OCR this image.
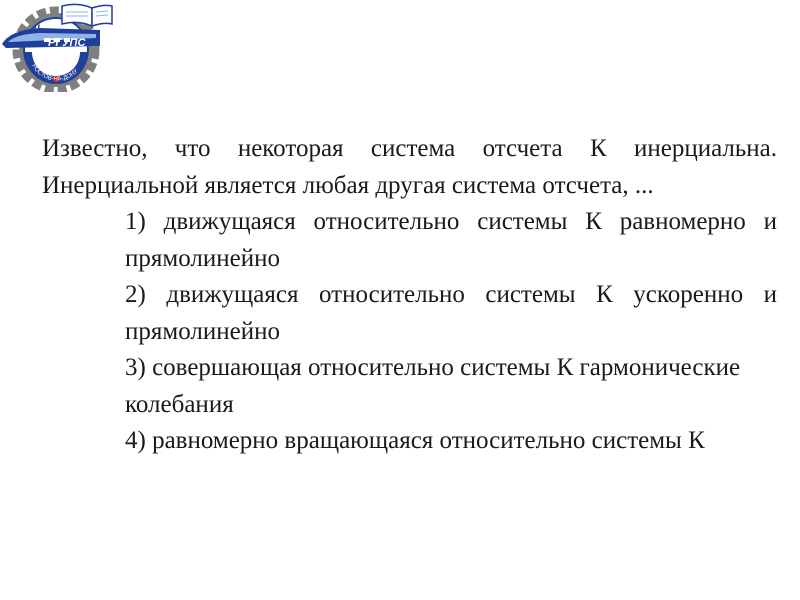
u
РГУПС
РОСТОВ-НА-ДОНУ

Известно, что некоторая система отсчета К инерциальна. Инерциальной является любая другая система отсчета, ...

1) движущаяся относительно системы К равномерно и прямолинейно

2) движущаяся относительно системы К ускоренно и прямолинейно

3) совершающая относительно системы К гармонические колебания

4) равномерно вращающаяся относительно системы К
